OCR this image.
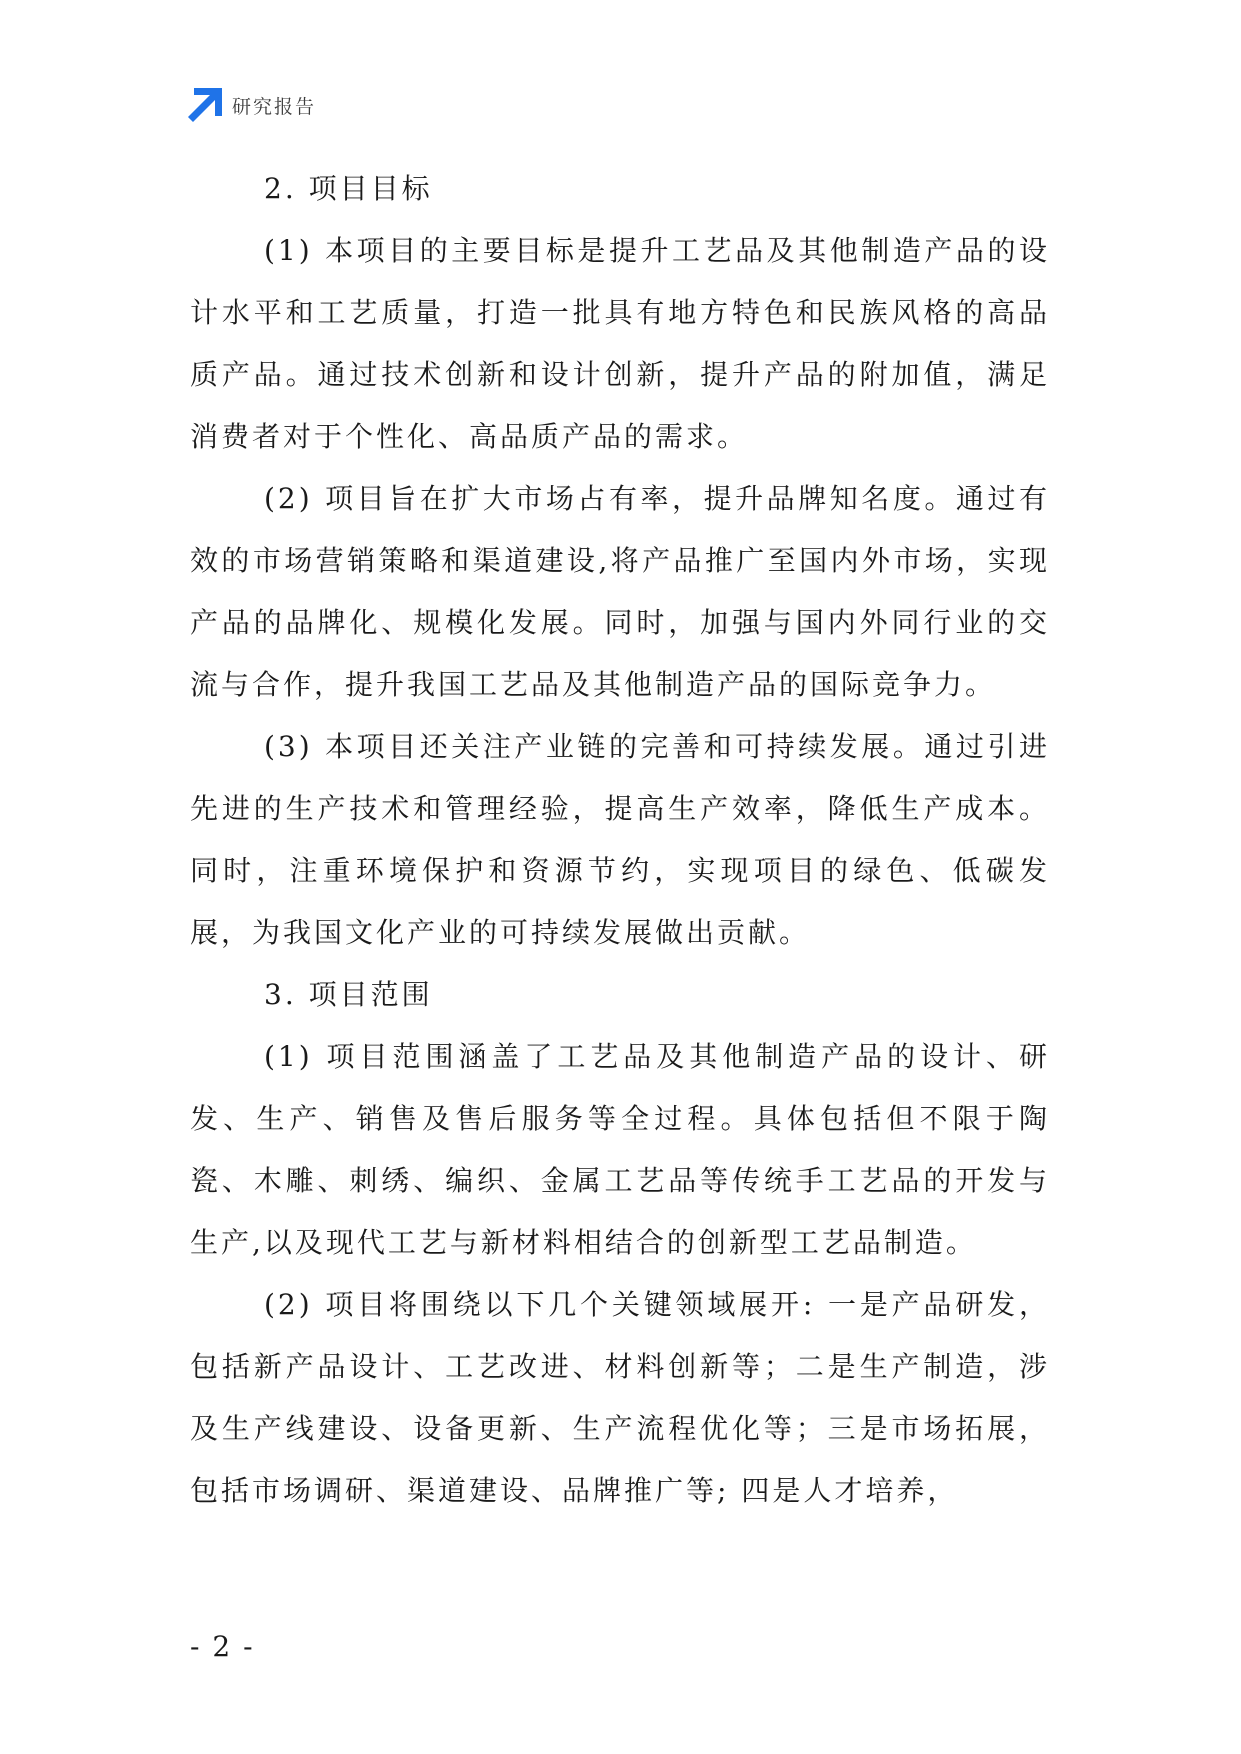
研究报告

2. 项目目标

(1) 本项目的主要目标是提升工艺品及其他制造产品的设计水平和工艺质量，打造一批具有地方特色和民族风格的高品质产品。通过技术创新和设计创新，提升产品的附加值，满足消费者对于个性化、高品质产品的需求。

(2) 项目旨在扩大市场占有率，提升品牌知名度。通过有效的市场营销策略和渠道建设,将产品推广至国内外市场，实现产品的品牌化、规模化发展。同时，加强与国内外同行业的交流与合作，提升我国工艺品及其他制造产品的国际竞争力。

(3) 本项目还关注产业链的完善和可持续发展。通过引进先进的生产技术和管理经验，提高生产效率，降低生产成本。同时，注重环境保护和资源节约，实现项目的绿色、低碳发展，为我国文化产业的可持续发展做出贡献。

3. 项目范围

(1) 项目范围涵盖了工艺品及其他制造产品的设计、研发、生产、销售及售后服务等全过程。具体包括但不限于陶瓷、木雕、刺绣、编织、金属工艺品等传统手工艺品的开发与生产,以及现代工艺与新材料相结合的创新型工艺品制造。

(2) 项目将围绕以下几个关键领域展开: 一是产品研发，包括新产品设计、工艺改进、材料创新等；二是生产制造，涉及生产线建设、设备更新、生产流程优化等；三是市场拓展，包括市场调研、渠道建设、品牌推广等; 四是人才培养，

- 2 -
